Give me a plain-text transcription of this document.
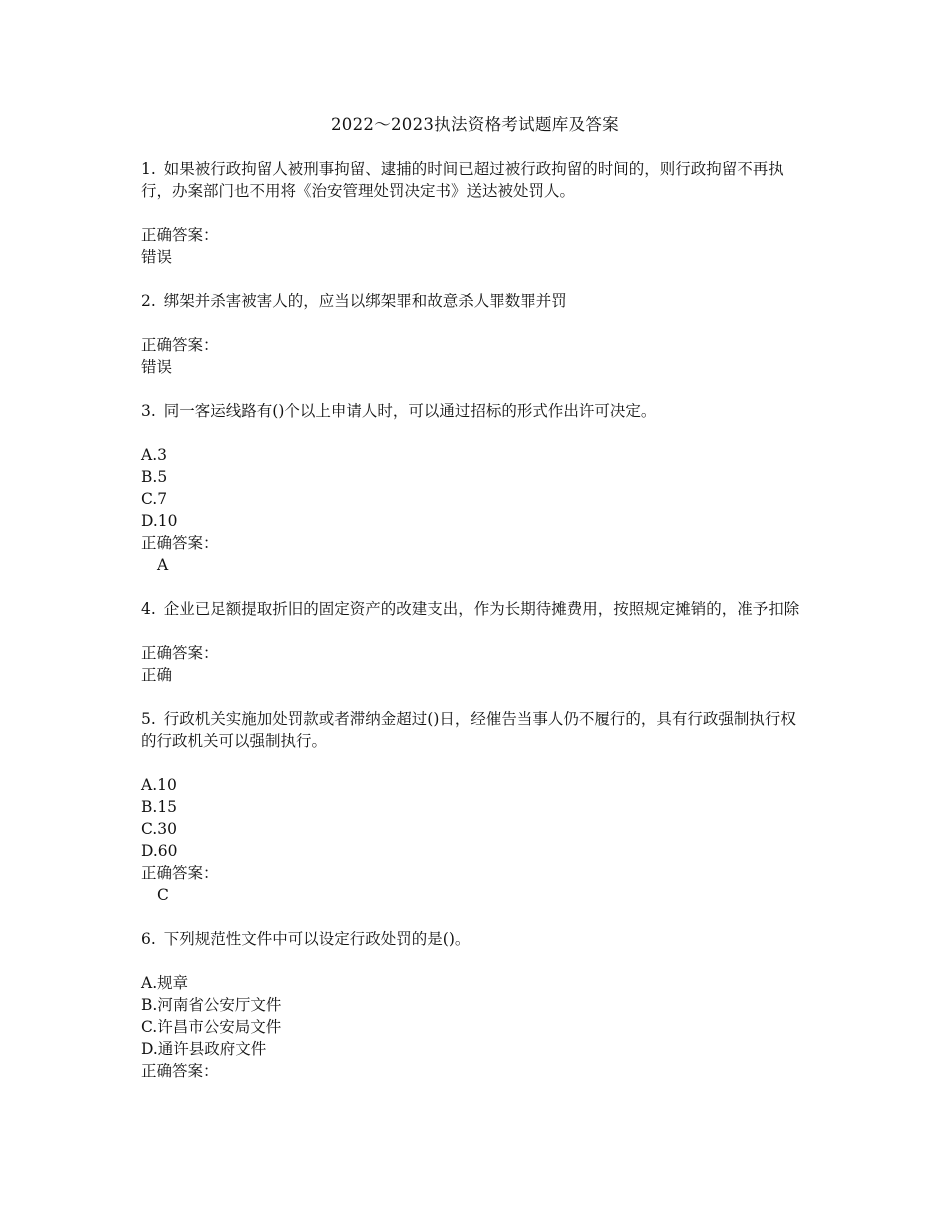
2022～2023执法资格考试题库及答案

1. 如果被行政拘留人被刑事拘留、逮捕的时间已超过被行政拘留的时间的，则行政拘留不再执行，办案部门也不用将《治安管理处罚决定书》送达被处罚人。

正确答案：

错误

2. 绑架并杀害被害人的，应当以绑架罪和故意杀人罪数罪并罚

正确答案：

错误

3. 同一客运线路有()个以上申请人时，可以通过招标的形式作出许可决定。

A.3

B.5

C.7

D.10

正确答案：

A

4. 企业已足额提取折旧的固定资产的改建支出，作为长期待摊费用，按照规定摊销的，准予扣除

正确答案：

正确

5. 行政机关实施加处罚款或者滞纳金超过()日，经催告当事人仍不履行的，具有行政强制执行权的行政机关可以强制执行。

A.10

B.15

C.30

D.60

正确答案：

C

6. 下列规范性文件中可以设定行政处罚的是()。

A.规章

B.河南省公安厅文件

C.许昌市公安局文件

D.通许县政府文件

正确答案：
